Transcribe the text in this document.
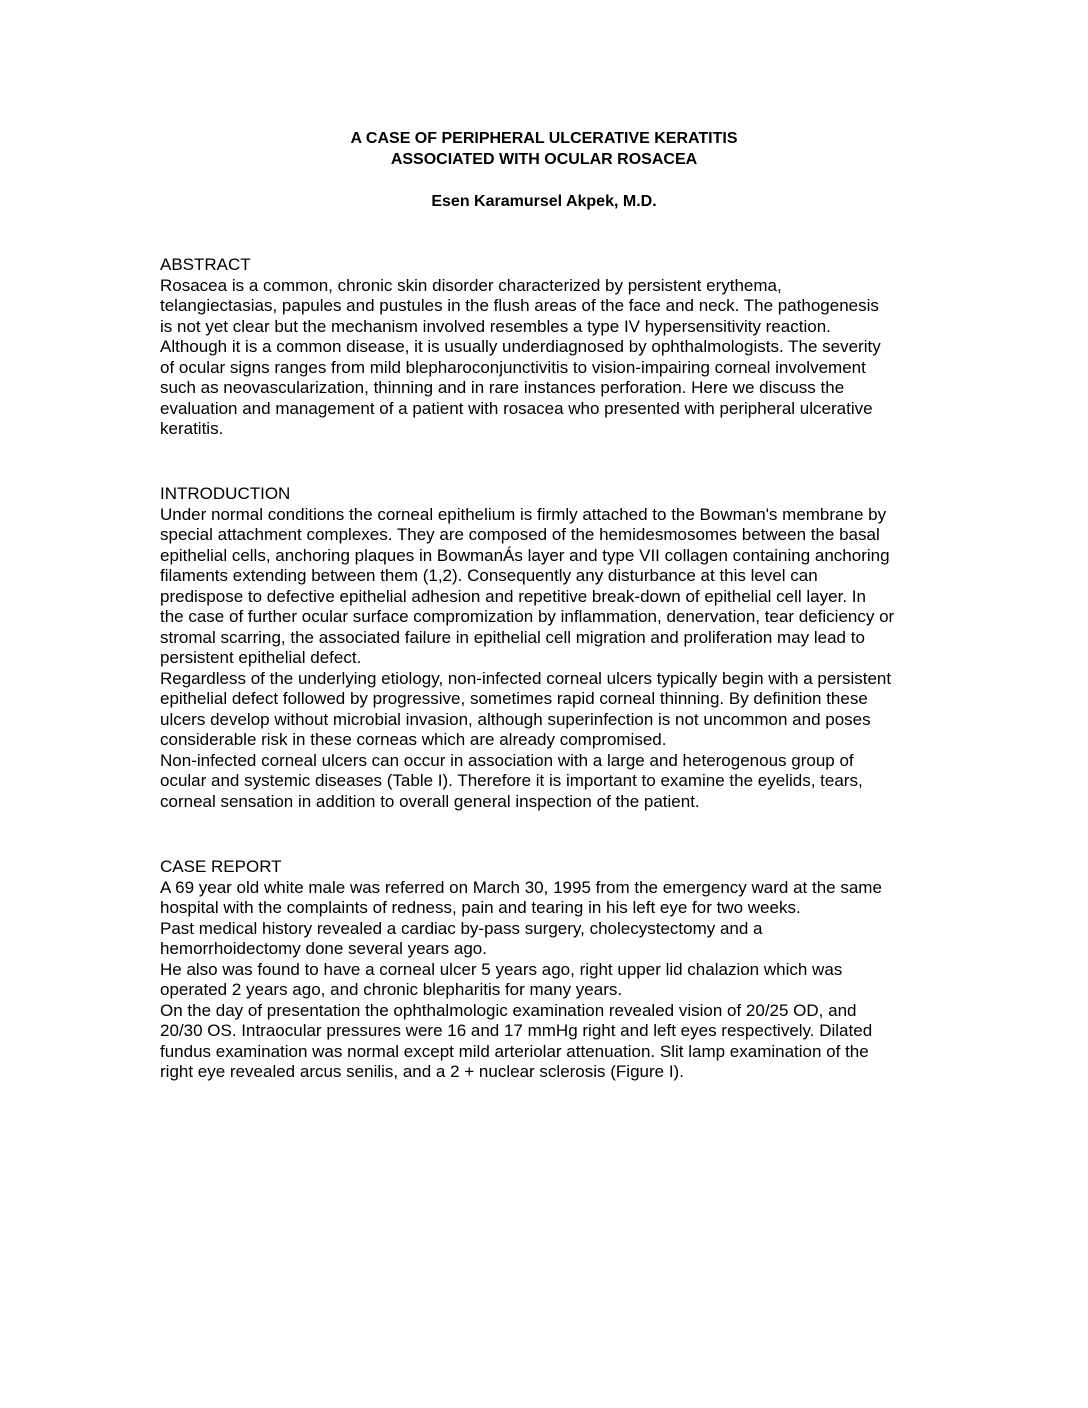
A CASE OF PERIPHERAL ULCERATIVE KERATITIS
ASSOCIATED WITH OCULAR ROSACEA
Esen Karamursel Akpek, M.D.
ABSTRACT
Rosacea is a common, chronic skin disorder characterized by persistent erythema,
telangiectasias, papules and pustules in the flush areas of the face and neck. The pathogenesis
is not yet clear but the mechanism involved resembles a type IV hypersensitivity reaction.
Although it is a common disease, it is usually underdiagnosed by ophthalmologists. The severity
of ocular signs ranges from mild blepharoconjunctivitis to vision-impairing corneal involvement
such as neovascularization, thinning and in rare instances perforation. Here we discuss the
evaluation and management of a patient with rosacea who presented with peripheral ulcerative
keratitis.
INTRODUCTION
Under normal conditions the corneal epithelium is firmly attached to the Bowman's membrane by
special attachment complexes. They are composed of the hemidesmosomes between the basal
epithelial cells, anchoring plaques in BowmanÁs layer and type VII collagen containing anchoring
filaments extending between them (1,2). Consequently any disturbance at this level can
predispose to defective epithelial adhesion and repetitive break-down of epithelial cell layer. In
the case of further ocular surface compromization by inflammation, denervation, tear deficiency or
stromal scarring, the associated failure in epithelial cell migration and proliferation may lead to
persistent epithelial defect.
Regardless of the underlying etiology, non-infected corneal ulcers typically begin with a persistent
epithelial defect followed by progressive, sometimes rapid corneal thinning. By definition these
ulcers develop without microbial invasion, although superinfection is not uncommon and poses
considerable risk in these corneas which are already compromised.
Non-infected corneal ulcers can occur in association with a large and heterogenous group of
ocular and systemic diseases (Table I). Therefore it is important to examine the eyelids, tears,
corneal sensation in addition to overall general inspection of the patient.
CASE REPORT
A 69 year old white male was referred on March 30, 1995 from the emergency ward at the same
hospital with the complaints of redness, pain and tearing in his left eye for two weeks.
Past medical history revealed a cardiac by-pass surgery, cholecystectomy and a
hemorrhoidectomy done several years ago.
He also was found to have a corneal ulcer 5 years ago, right upper lid chalazion which was
operated 2 years ago, and chronic blepharitis for many years.
On the day of presentation the ophthalmologic examination revealed vision of 20/25 OD, and
20/30 OS. Intraocular pressures were 16 and 17 mmHg right and left eyes respectively. Dilated
fundus examination was normal except mild arteriolar attenuation. Slit lamp examination of the
right eye revealed arcus senilis, and a 2 + nuclear sclerosis (Figure I).
